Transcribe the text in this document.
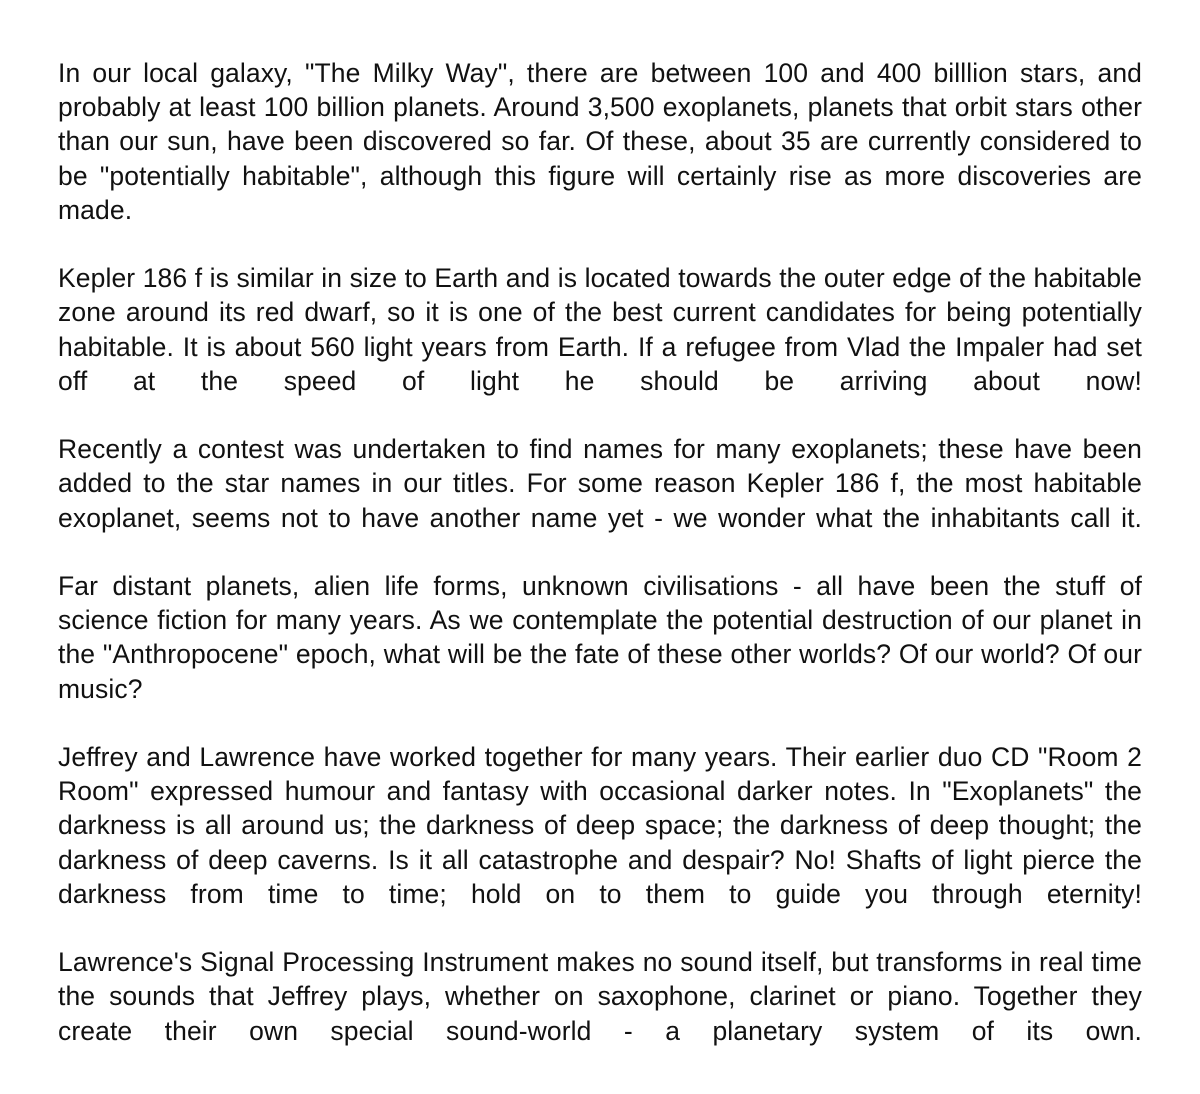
In our local galaxy, "The Milky Way", there are between 100 and 400 billlion stars, and probably at least 100 billion planets. Around 3,500 exoplanets, planets that orbit stars other than our sun, have been discovered so far. Of these, about 35 are currently considered to be "potentially habitable", although this figure will certainly rise as more discoveries are made.

Kepler 186 f is similar in size to Earth and is located towards the outer edge of the habitable zone around its red dwarf, so it is one of the best current candidates for being potentially habitable. It is about 560 light years from Earth. If a refugee from Vlad the Impaler had set off at the speed of light he should be arriving about now!

Recently a contest was undertaken to find names for many exoplanets; these have been added to the star names in our titles. For some reason Kepler 186 f, the most habitable exoplanet, seems not to have another name yet - we wonder what the inhabitants call it.

Far distant planets, alien life forms, unknown civilisations - all have been the stuff of science fiction for many years. As we contemplate the potential destruction of our planet in the "Anthropocene" epoch, what will be the fate of these other worlds? Of our world? Of our music?

Jeffrey and Lawrence have worked together for many years. Their earlier duo CD "Room 2 Room" expressed humour and fantasy with occasional darker notes. In "Exoplanets" the darkness is all around us; the darkness of deep space; the darkness of deep thought; the darkness of deep caverns. Is it all catastrophe and despair? No! Shafts of light pierce the darkness from time to time; hold on to them to guide you through eternity!

Lawrence's Signal Processing Instrument makes no sound itself, but transforms in real time the sounds that Jeffrey plays, whether on saxophone, clarinet or piano. Together they create their own special sound-world - a planetary system of its own.
